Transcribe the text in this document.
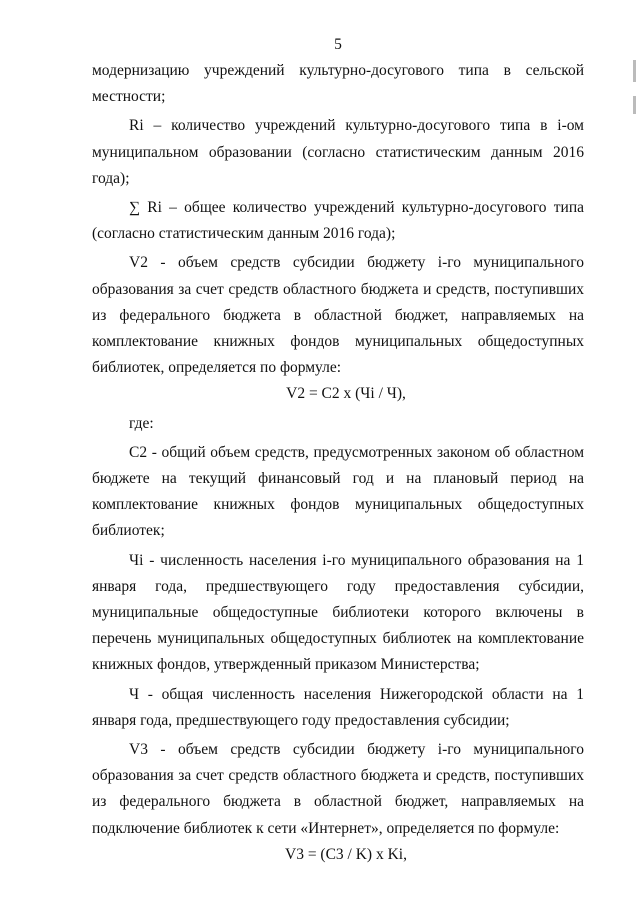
5

модернизацию учреждений культурно-досугового типа в сельской местности;

Ri – количество учреждений культурно-досугового типа в i-ом муниципальном образовании (согласно статистическим данным 2016 года);

∑ Ri – общее количество учреждений культурно-досугового типа (согласно статистическим данным 2016 года);

V2 - объем средств субсидии бюджету i-го муниципального образования за счет средств областного бюджета и средств, поступивших из федерального бюджета в областной бюджет, направляемых на комплектование книжных фондов муниципальных общедоступных библиотек, определяется по формуле:

V2 = C2 x (Чi / Ч),

где:

C2 - общий объем средств, предусмотренных законом об областном бюджете на текущий финансовый год и на плановый период на комплектование книжных фондов муниципальных общедоступных библиотек;

Чi - численность населения i-го муниципального образования на 1 января года, предшествующего году предоставления субсидии, муниципальные общедоступные библиотеки которого включены в перечень муниципальных общедоступных библиотек на комплектование книжных фондов, утвержденный приказом Министерства;

Ч - общая численность населения Нижегородской области на 1 января года, предшествующего году предоставления субсидии;

V3 - объем средств субсидии бюджету i-го муниципального образования за счет средств областного бюджета и средств, поступивших из федерального бюджета в областной бюджет, направляемых на подключение библиотек к сети «Интернет», определяется по формуле:

V3 = (C3 / K) x Ki,
